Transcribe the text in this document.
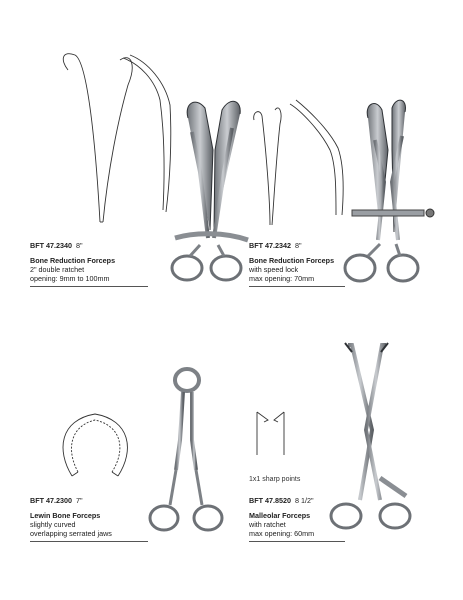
BFT 47.2340 8"
Bone Reduction Forceps
2" double ratchet
opening: 9mm to 100mm
BFT 47.2342 8"
Bone Reduction Forceps
with speed lock
max opening: 70mm
BFT 47.2300 7"
Lewin Bone Forceps
slightly curved
overlapping serrated jaws
1x1 sharp points
BFT 47.8520 8 1/2"
Malleolar Forceps
with ratchet
max opening: 60mm
